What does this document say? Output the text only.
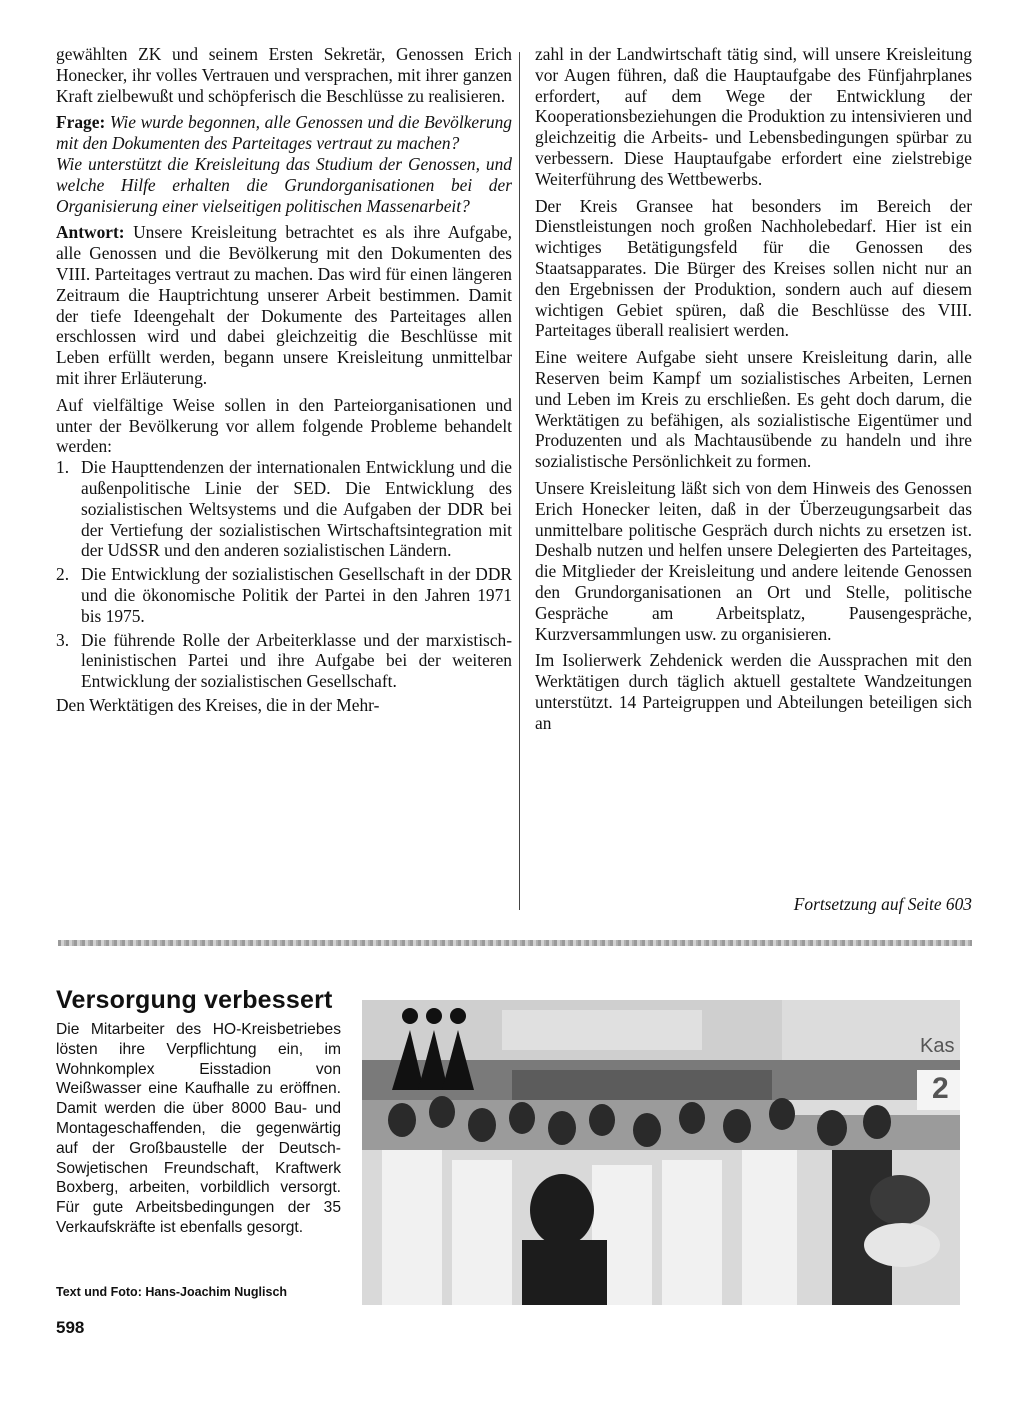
gewählten ZK und seinem Ersten Sekretär, Genossen Erich Honecker, ihr volles Vertrauen und versprachen, mit ihrer ganzen Kraft zielbewußt und schöpferisch die Beschlüsse zu realisieren.

Frage: Wie wurde begonnen, alle Genossen und die Bevölkerung mit den Dokumenten des Parteitages vertraut zu machen?

Wie unterstützt die Kreisleitung das Studium der Genossen, und welche Hilfe erhalten die Grundorganisationen bei der Organisierung einer vielseitigen politischen Massenarbeit?

Antwort: Unsere Kreisleitung betrachtet es als ihre Aufgabe, alle Genossen und die Bevölkerung mit den Dokumenten des VIII. Parteitages vertraut zu machen. Das wird für einen längeren Zeitraum die Hauptrichtung unserer Arbeit bestimmen. Damit der tiefe Ideengehalt der Dokumente des Parteitages allen erschlossen wird und dabei gleichzeitig die Beschlüsse mit Leben erfüllt werden, begann unsere Kreisleitung unmittelbar mit ihrer Erläuterung.

Auf vielfältige Weise sollen in den Parteiorganisationen und unter der Bevölkerung vor allem folgende Probleme behandelt werden:

1. Die Haupttendenzen der internationalen Entwicklung und die außenpolitische Linie der SED. Die Entwicklung des sozialistischen Weltsystems und die Aufgaben der DDR bei der Vertiefung der sozialistischen Wirtschaftsintegration mit der UdSSR und den anderen sozialistischen Ländern.
2. Die Entwicklung der sozialistischen Gesellschaft in der DDR und die ökonomische Politik der Partei in den Jahren 1971 bis 1975.
3. Die führende Rolle der Arbeiterklasse und der marxistisch-leninistischen Partei und ihre Aufgabe bei der weiteren Entwicklung der sozialistischen Gesellschaft.

Den Werktätigen des Kreises, die in der Mehr-

zahl in der Landwirtschaft tätig sind, will unsere Kreisleitung vor Augen führen, daß die Hauptaufgabe des Fünfjahrplanes erfordert, auf dem Wege der Entwicklung der Kooperationsbeziehungen die Produktion zu intensivieren und gleichzeitig die Arbeits- und Lebensbedingungen spürbar zu verbessern. Diese Hauptaufgabe erfordert eine zielstrebige Weiterführung des Wettbewerbs.

Der Kreis Gransee hat besonders im Bereich der Dienstleistungen noch großen Nachholebedarf. Hier ist ein wichtiges Betätigungsfeld für die Genossen des Staatsapparates. Die Bürger des Kreises sollen nicht nur an den Ergebnissen der Produktion, sondern auch auf diesem wichtigen Gebiet spüren, daß die Beschlüsse des VIII. Parteitages überall realisiert werden.

Eine weitere Aufgabe sieht unsere Kreisleitung darin, alle Reserven beim Kampf um sozialistisches Arbeiten, Lernen und Leben im Kreis zu erschließen. Es geht doch darum, die Werktätigen zu befähigen, als sozialistische Eigentümer und Produzenten und als Machtausübende zu handeln und ihre sozialistische Persönlichkeit zu formen.

Unsere Kreisleitung läßt sich von dem Hinweis des Genossen Erich Honecker leiten, daß in der Überzeugungsarbeit das unmittelbare politische Gespräch durch nichts zu ersetzen ist. Deshalb nutzen und helfen unsere Delegierten des Parteitages, die Mitglieder der Kreisleitung und andere leitende Genossen den Grundorganisationen an Ort und Stelle, politische Gespräche am Arbeitsplatz, Pausengespräche, Kurzversammlungen usw. zu organisieren.

Im Isolierwerk Zehdenick werden die Aussprachen mit den Werktätigen durch täglich aktuell gestaltete Wandzeitungen unterstützt. 14 Parteigruppen und Abteilungen beteiligen sich an

Fortsetzung auf Seite 603
Versorgung verbessert

Die Mitarbeiter des HO-Kreisbetriebes lösten ihre Verpflichtung ein, im Wohnkomplex Eisstadion von Weißwasser eine Kaufhalle zu eröffnen. Damit werden die über 8000 Bau- und Montageschaffenden, die gegenwärtig auf der Großbaustelle der Deutsch-Sowjetischen Freundschaft, Kraftwerk Boxberg, arbeiten, vorbildlich versorgt. Für gute Arbeitsbedingungen der 35 Verkaufskräfte ist ebenfalls gesorgt.

Text und Foto: Hans-Joachim Nuglisch

Kas
2

598
